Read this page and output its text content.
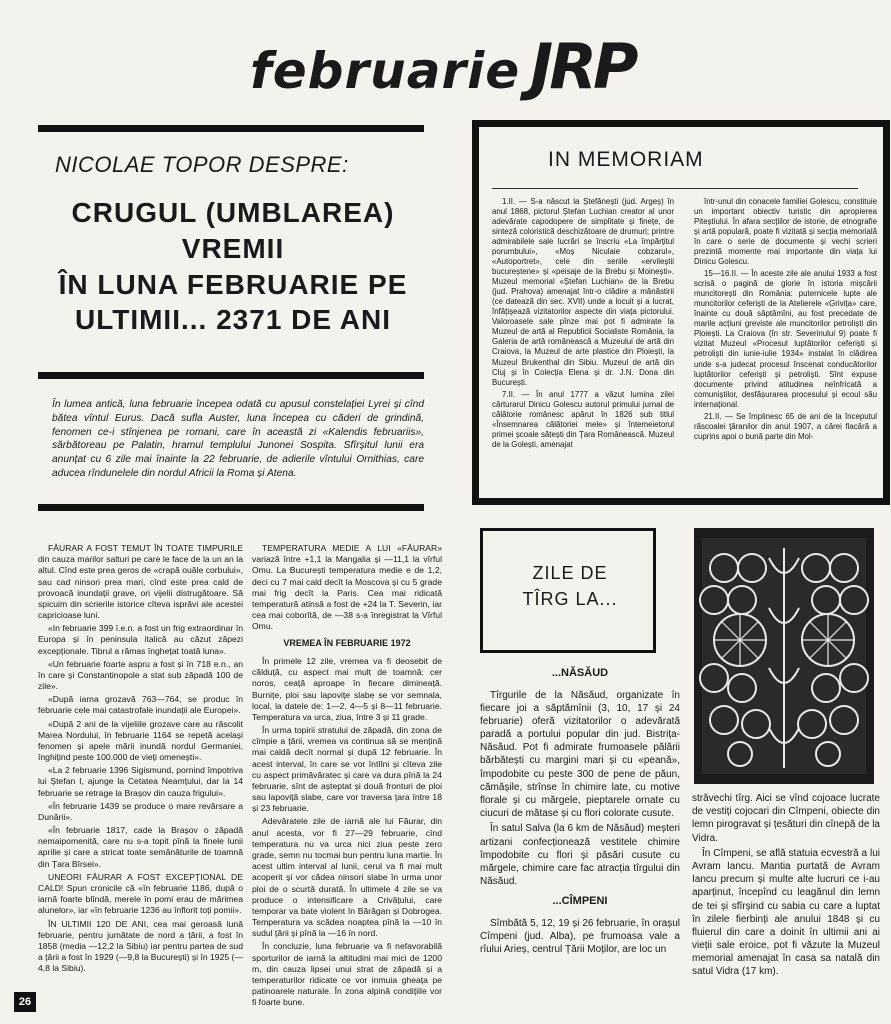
februarie JRP
NICOLAE TOPOR DESPRE:
CRUGUL (UMBLAREA)
VREMII
ÎN LUNA FEBRUARIE PE
ULTIMII... 2371 DE ANI
În lumea antică, luna februarie începea odată cu apusul constelației Lyrei și cînd bătea vîntul Eurus. Dacă sufla Auster, luna începea cu căderi de grindină, fenomen ce-i stînjenea pe romani, care în această zi «Kalendis februariis», sărbătoreau pe Palatin, hramul templului Junonei Sospita. Sfîrșitul lunii era anunțat cu 6 zile mai înainte la 22 februarie, de adierile vîntului Ornithias, care aducea rîndunelele din nordul Africii la Roma și Atena.

FĂURAR A FOST TEMUT ÎN TOATE TIMPURILE din cauza marilor salturi pe care le face de la un an la altul. Cînd este prea geros de «crapă ouăle corbului», sau cad ninsori prea mari, cînd este prea cald de provoacă inundații grave, ori vijelii distrugătoare. Să spicuim din scrierile istorice cîteva isprăvi ale acestei capricioase luni.

«In februarie 399 î.e.n. a fost un frig extraordinar în Europa și în peninsula italică au căzut zăpezi excepționale. Tibrul a rămas înghețat toată luna».

«Un februarie foarte aspru a fost și în 718 e.n., an în care și Constantinopole a stat sub zăpadă 100 de zile».

«După iarna grozavă 763—764, se produc în februarie cele mai catastrofale inundații ale Europei».

«După 2 ani de la vijeliile grozave care au răscolit Marea Nordului, în februarie 1164 se repetă același fenomen și apele mării inundă nordul Germaniei, înghițind peste 100.000 de vieți omenești».

«La 2 februarie 1396 Sigismund, pornind împotriva lui Ștefan I, ajunge la Cetatea Neamțului, dar la 14 februarie se retrage la Brașov din cauza frigului».

«În februarie 1439 se produce o mare revărsare a Dunării».

«În februarie 1817, cade la Brașov o zăpadă nemaipomenită, care nu s-a topit pînă la finele lunii aprilie și care a stricat toate semănăturile de toamnă din Țara Bîrsei».

UNEORI FĂURAR A FOST EXCEPȚIONAL DE CALD! Spun cronicile că «în februarie 1186, după o iarnă foarte blîndă, merele în pomi erau de mărimea alunelor», iar «în februarie 1236 au înflorit toți pomii».

ÎN ULTIMII 120 DE ANI, cea mai geroasă lună februarie, pentru jumătate de nord a țării, a fost în 1858 (media —12,2 la Sibiu) iar pentru partea de sud a țării a fost în 1929 (—9,8 la București) și în 1925 (—4,8 la Sibiu).

26

TEMPERATURA MEDIE A LUI «FĂURAR» variază între +1,1 la Mangalia și —11,1 la vîrful Omu. La București temperatura medie e de 1,2, deci cu 7 mai cald decît la Moscova și cu 5 grade mai frig decît la Paris. Cea mai ridicată temperatură atinsă a fost de +24 la T. Severin, iar cea mai coborîtă, de —38 s-a înregistrat la Vîrful Omu.

VREMEA ÎN FEBRUARIE 1972

În primele 12 zile, vremea va fi deosebit de călduță, cu aspect mai mult de toamnă: cer noros, ceață aproape în fiecare dimineață. Burnițe, ploi sau lapovițe slabe se vor semnala, local, la datele de: 1—2, 4—5 și 8—11 februarie. Temperatura va urca, ziua, între 3 și 11 grade.

În urma topirii stratului de zăpadă, din zona de cîmpie a țării, vremea va continua să se mențină mai caldă decît normal și după 12 februarie. În acest interval, în care se vor întîlni și cîteva zile cu aspect primăvăratec și care va dura pînă la 24 februarie, sînt de așteptat și două fronturi de ploi sau lapoviță slabe, care vor traversa țara între 18 și 23 februarie.

Adevăratele zile de iarnă ale lui Făurar, din anul acesta, vor fi 27—29 februarie, cînd temperatura nu va urca nici ziua peste zero grade, semn nu tocmai bun pentru luna martie. În acest ultim interval al lunii, cerul va fi mai mult acoperit și vor cădea ninsori slabe în urma unor ploi de o scurtă durată. În ultimele 4 zile se va produce o intensificare a Crivățului, care temporar va bate violent în Bărăgan și Dobrogea. Temperatura va scădea noaptea pînă la —10 în sudul țării și pînă la —16 în nord.

În concluzie, luna februarie va fi nefavorabilă sporturilor de iarnă la altitudini mai mici de 1200 m, din cauza lipsei unui strat de zăpadă și a temperaturilor ridicate ce vor inmuia gheața pe patinoarele naturale. În zona alpină condițiile vor fi foarte bune.

IN MEMORIAM

1.II. — S-a născut la Ștefănești (jud. Argeș) în anul 1868, pictorul Ștefan Luchian creator al unor adevărate capodopere de simplitate și finețe, de sinteză coloristică deschizătoare de drumuri; printre admirabilele sale lucrări se înscriu «La împărțitul porumbului», «Moș Niculaie cobzarul», «Autoportret», cele din seriile «ervileștii bucureștene» și «peisaje de la Brebu și Moinești». Muzeul memorial «Ștefan Luchian» de la Brebu (jud. Prahova) amenajat într-o clădire a mănăstirii (ce datează din sec. XVII) unde a locuit și a lucrat, înfățișează vizitatorilor aspecte din viața pictorului. Valoroasele sale pînze mai pot fi admirate la Muzeul de artă al Republicii Socialiste România, la Galeria de artă românească a Muzeului de artă din Craiova, la Muzeul de arte plastice din Ploiești, la Muzeul Brukenthal din Sibiu. Muzeul de artă din Cluj și în Colecția Elena și dr. J.N. Dona din București.

7.II. — În anul 1777 a văzut lumina zilei cărturarul Dinicu Golescu autorul primului jurnal de călătorie românesc apărut în 1826 sub titlul «Însemnarea călătoriei mele» și întemeietorul primei școale sătești din Țara Românească. Muzeul de la Golești, amenajat

într-unul din conacele familiei Golescu, constituie un important obiectiv turistic din apropierea Piteștiului. În afara secțiilor de istorie, de etnografie și artă populară, poate fi vizitată și secția memorială în care o serie de documente și vechi scrieri prezintă momente mai importante din viața lui Dinicu Golescu.

15—16.II. — În aceste zile ale anului 1933 a fost scrisă o pagină de glorie în istoria mișcării muncitorești din România: puternicele lupte ale muncitorilor ceferiști de la Atelierele «Grivița» care, înainte cu două săptămîni, au fost precedate de marile acțiuni greviste ale muncitorilor petroliști din Ploiești. La Craiova (în str. Severinului 9) poate fi vizitat Muzeul «Procesul luptătorilor ceferiști și petroliști din iunie-iulie 1934» instalat în clădirea unde s-a judecat procesul înscenat conducătorilor luptătorilor ceferiști și petroliști. Sînt expuse documente privind atitudinea neînfricată a comuniștilor, desfășurarea procesului și ecoul său internațional.

21.II. — Se împlinesc 65 de ani de la începutul răscoalei țăranilor din anul 1907, a cărei flacără a cuprins apoi o bună parte din Mol-

ZILE DE
TÎRG LA...

...NĂSĂUD

Tîrgurile de la Năsăud, organizate în fiecare joi a săptămînii (3, 10, 17 și 24 februarie) oferă vizitatorilor o adevărată paradă a portului popular din jud. Bistrița-Năsăud. Pot fi admirate frumoasele pălării bărbătești cu margini mari și cu «peană», împodobite cu peste 300 de pene de păun, cămășile, strînse în chimire late, cu motive florale și cu mărgele, pieptarele ornate cu ciucuri de mătase și cu flori colorate cusute.

În satul Salva (la 6 km de Năsăud) meșteri artizani confecționează vestitele chimire împodobite cu flori și păsări cusute cu mărgele, chimire care fac atracția tîrgului din Năsăud.

...CÎMPENI

Sîmbătă 5, 12, 19 și 26 februarie, în orașul Cîmpeni (jud. Alba), pe frumoasa vale a rîului Arieș, centrul Țării Moților, are loc un

străvechi tîrg. Aici se vînd cojoace lucrate de vestiți cojocari din Cîmpeni, obiecte din lemn pirogravat și țesături din cînepă de la Vidra.

În Cîmpeni, se află statuia ecvestră a lui Avram Iancu. Mantia purtată de Avram Iancu precum și multe alte lucruri ce i-au aparținut, începînd cu leagănul din lemn de tei și sfîrșind cu sabia cu care a luptat în zilele fierbinți ale anului 1848 și cu fluierul din care a doinit în ultimii ani ai vieții sale eroice, pot fi văzute la Muzeul memorial amenajat în casa sa natală din satul Vidra (17 km).
